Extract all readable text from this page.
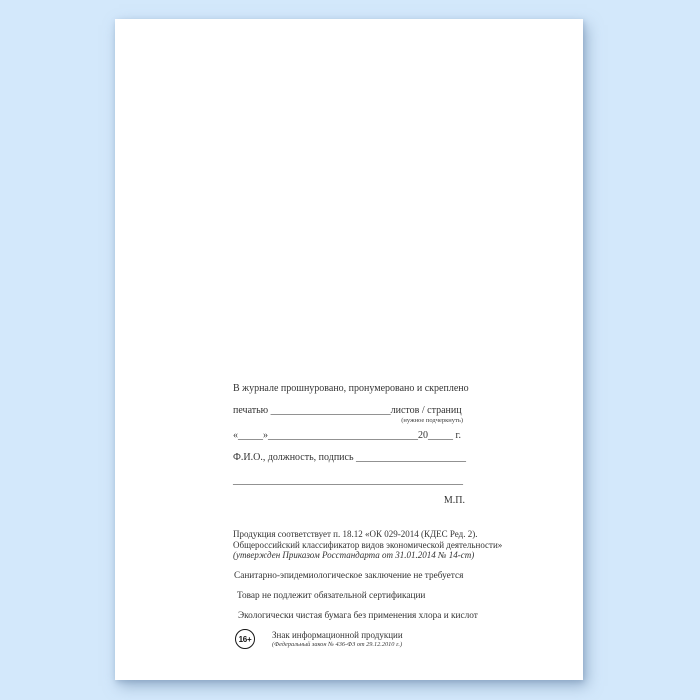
В журнале прошнуровано, пронумеровано и скреплено
печатью ________________________листов / страниц
(нужное подчеркнуть)
«_____»______________________________20_____ г.
Ф.И.О., должность, подпись ______________________
______________________________________________
М.П.
Продукция соответствует п. 18.12 «ОК 029-2014 (КДЕС Ред. 2).
Общероссийский классификатор видов экономической деятельности»
(утвержден Приказом Росстандарта от 31.01.2014 № 14-ст)
Санитарно-эпидемиологическое заключение не требуется
Товар не подлежит обязательной сертификации
Экологически чистая бумага без применения хлора и кислот
16+ Знак информационной продукции
(Федеральный закон № 436-ФЗ от 29.12.2010 г.)
